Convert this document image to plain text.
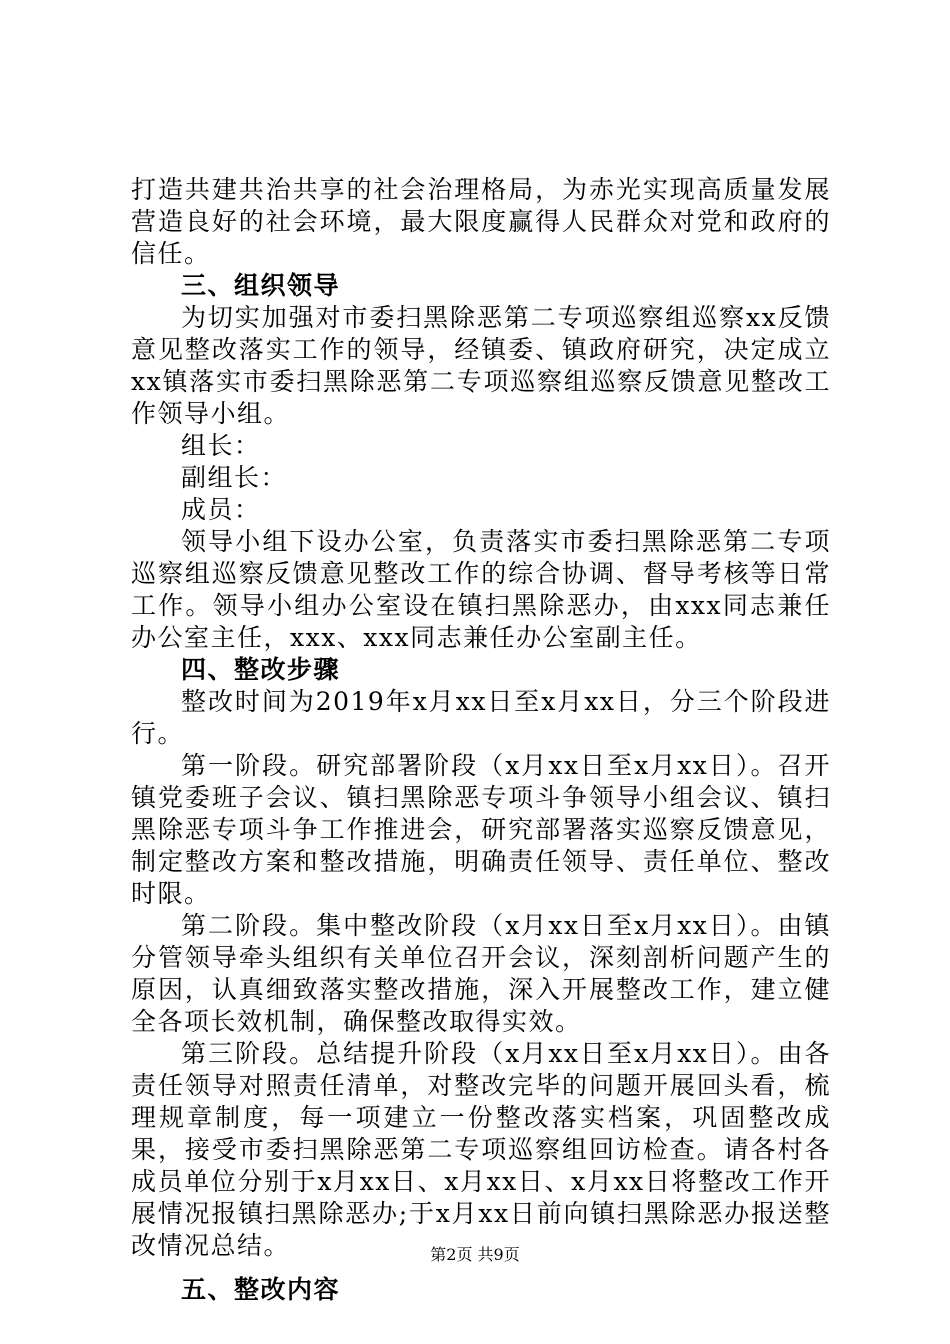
打造共建共治共享的社会治理格局，为赤光实现高质量发展营造良好的社会环境，最大限度赢得人民群众对党和政府的信任。

三、组织领导

为切实加强对市委扫黑除恶第二专项巡察组巡察xx反馈意见整改落实工作的领导，经镇委、镇政府研究，决定成立xx镇落实市委扫黑除恶第二专项巡察组巡察反馈意见整改工作领导小组。

组长：

副组长：

成员：

领导小组下设办公室，负责落实市委扫黑除恶第二专项巡察组巡察反馈意见整改工作的综合协调、督导考核等日常工作。领导小组办公室设在镇扫黑除恶办，由xxx同志兼任办公室主任，xxx、xxx同志兼任办公室副主任。

四、整改步骤

整改时间为2019年x月xx日至x月xx日，分三个阶段进行。

第一阶段。研究部署阶段（x月xx日至x月xx日）。召开镇党委班子会议、镇扫黑除恶专项斗争领导小组会议、镇扫黑除恶专项斗争工作推进会，研究部署落实巡察反馈意见，制定整改方案和整改措施，明确责任领导、责任单位、整改时限。

第二阶段。集中整改阶段（x月xx日至x月xx日）。由镇分管领导牵头组织有关单位召开会议，深刻剖析问题产生的原因，认真细致落实整改措施，深入开展整改工作，建立健全各项长效机制，确保整改取得实效。

第三阶段。总结提升阶段（x月xx日至x月xx日）。由各责任领导对照责任清单，对整改完毕的问题开展回头看，梳理规章制度，每一项建立一份整改落实档案，巩固整改成果，接受市委扫黑除恶第二专项巡察组回访检查。请各村各成员单位分别于x月xx日、x月xx日、x月xx日将整改工作开展情况报镇扫黑除恶办;于x月xx日前向镇扫黑除恶办报送整改情况总结。

五、整改内容

第2页 共9页
